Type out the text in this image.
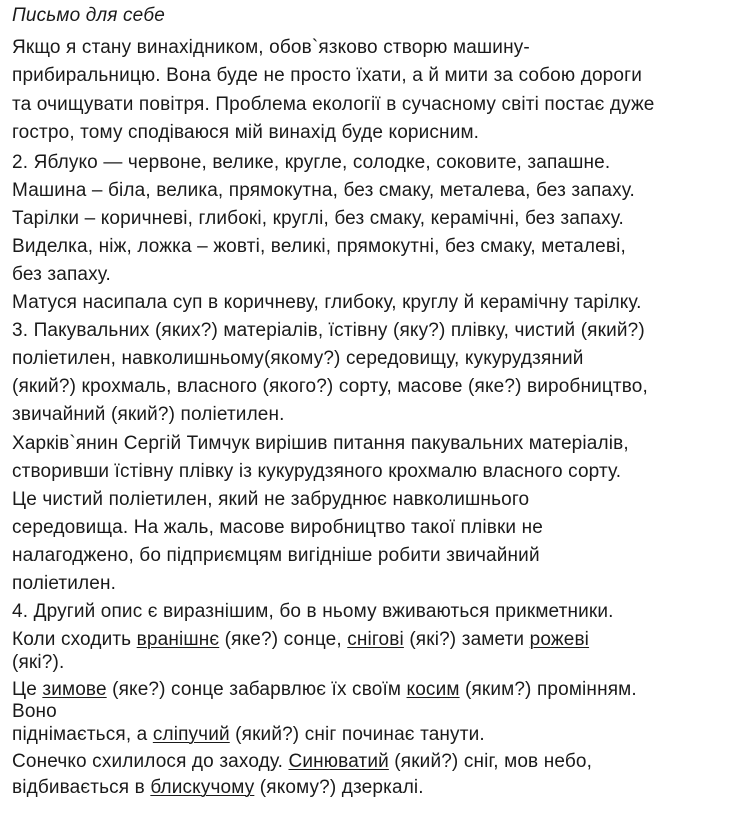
Письмо для себе
Якщо я стану винахідником, обов`язково створю машину-
прибиральницю. Вона буде не просто їхати, а й мити за собою дороги
та очищувати повітря. Проблема екології в сучасному світі постає дуже
гостро, тому сподіваюся мій винахід буде корисним.
2. Яблуко — червоне, велике, кругле, солодке, соковите, запашне.
Машина – біла, велика, прямокутна, без смаку, металева, без запаху.
Тарілки – коричневі, глибокі, круглі, без смаку, керамічні, без запаху.
Виделка, ніж, ложка – жовті, великі, прямокутні, без смаку, металеві,
без запаху.
Матуся насипала суп в коричневу, глибоку, круглу й керамічну тарілку.
3. Пакувальних (яких?) матеріалів, їстівну (яку?) плівку, чистий (який?)
поліетилен, навколишньому(якому?) середовищу, кукурудзяний
(який?) крохмаль, власного (якого?) сорту, масове (яке?) виробництво,
звичайний (який?) поліетилен.
Харків`янин Сергій Тимчук вирішив питання пакувальних матеріалів,
створивши їстівну плівку із кукурудзяного крохмалю власного сорту.
Це чистий поліетилен, який не забруднює навколишнього
середовища. На жаль, масове виробництво такої плівки не
налагоджено, бо підприємцям вигідніше робити звичайний
поліетилен.
4. Другий опис є виразнішим, бо в ньому вживаються прикметники.
Коли сходить вранішнє (яке?) сонце, снігові (які?) замети рожеві
(які?).
Це зимове (яке?) сонце забарвлює їх своїм косим (яким?) промінням.
Воно
піднімається, а сліпучий (який?) сніг починає танути.
Сонечко схилилося до заходу. Синюватий (який?) сніг, мов небо,
відбивається в блискучому (якому?) дзеркалі.
